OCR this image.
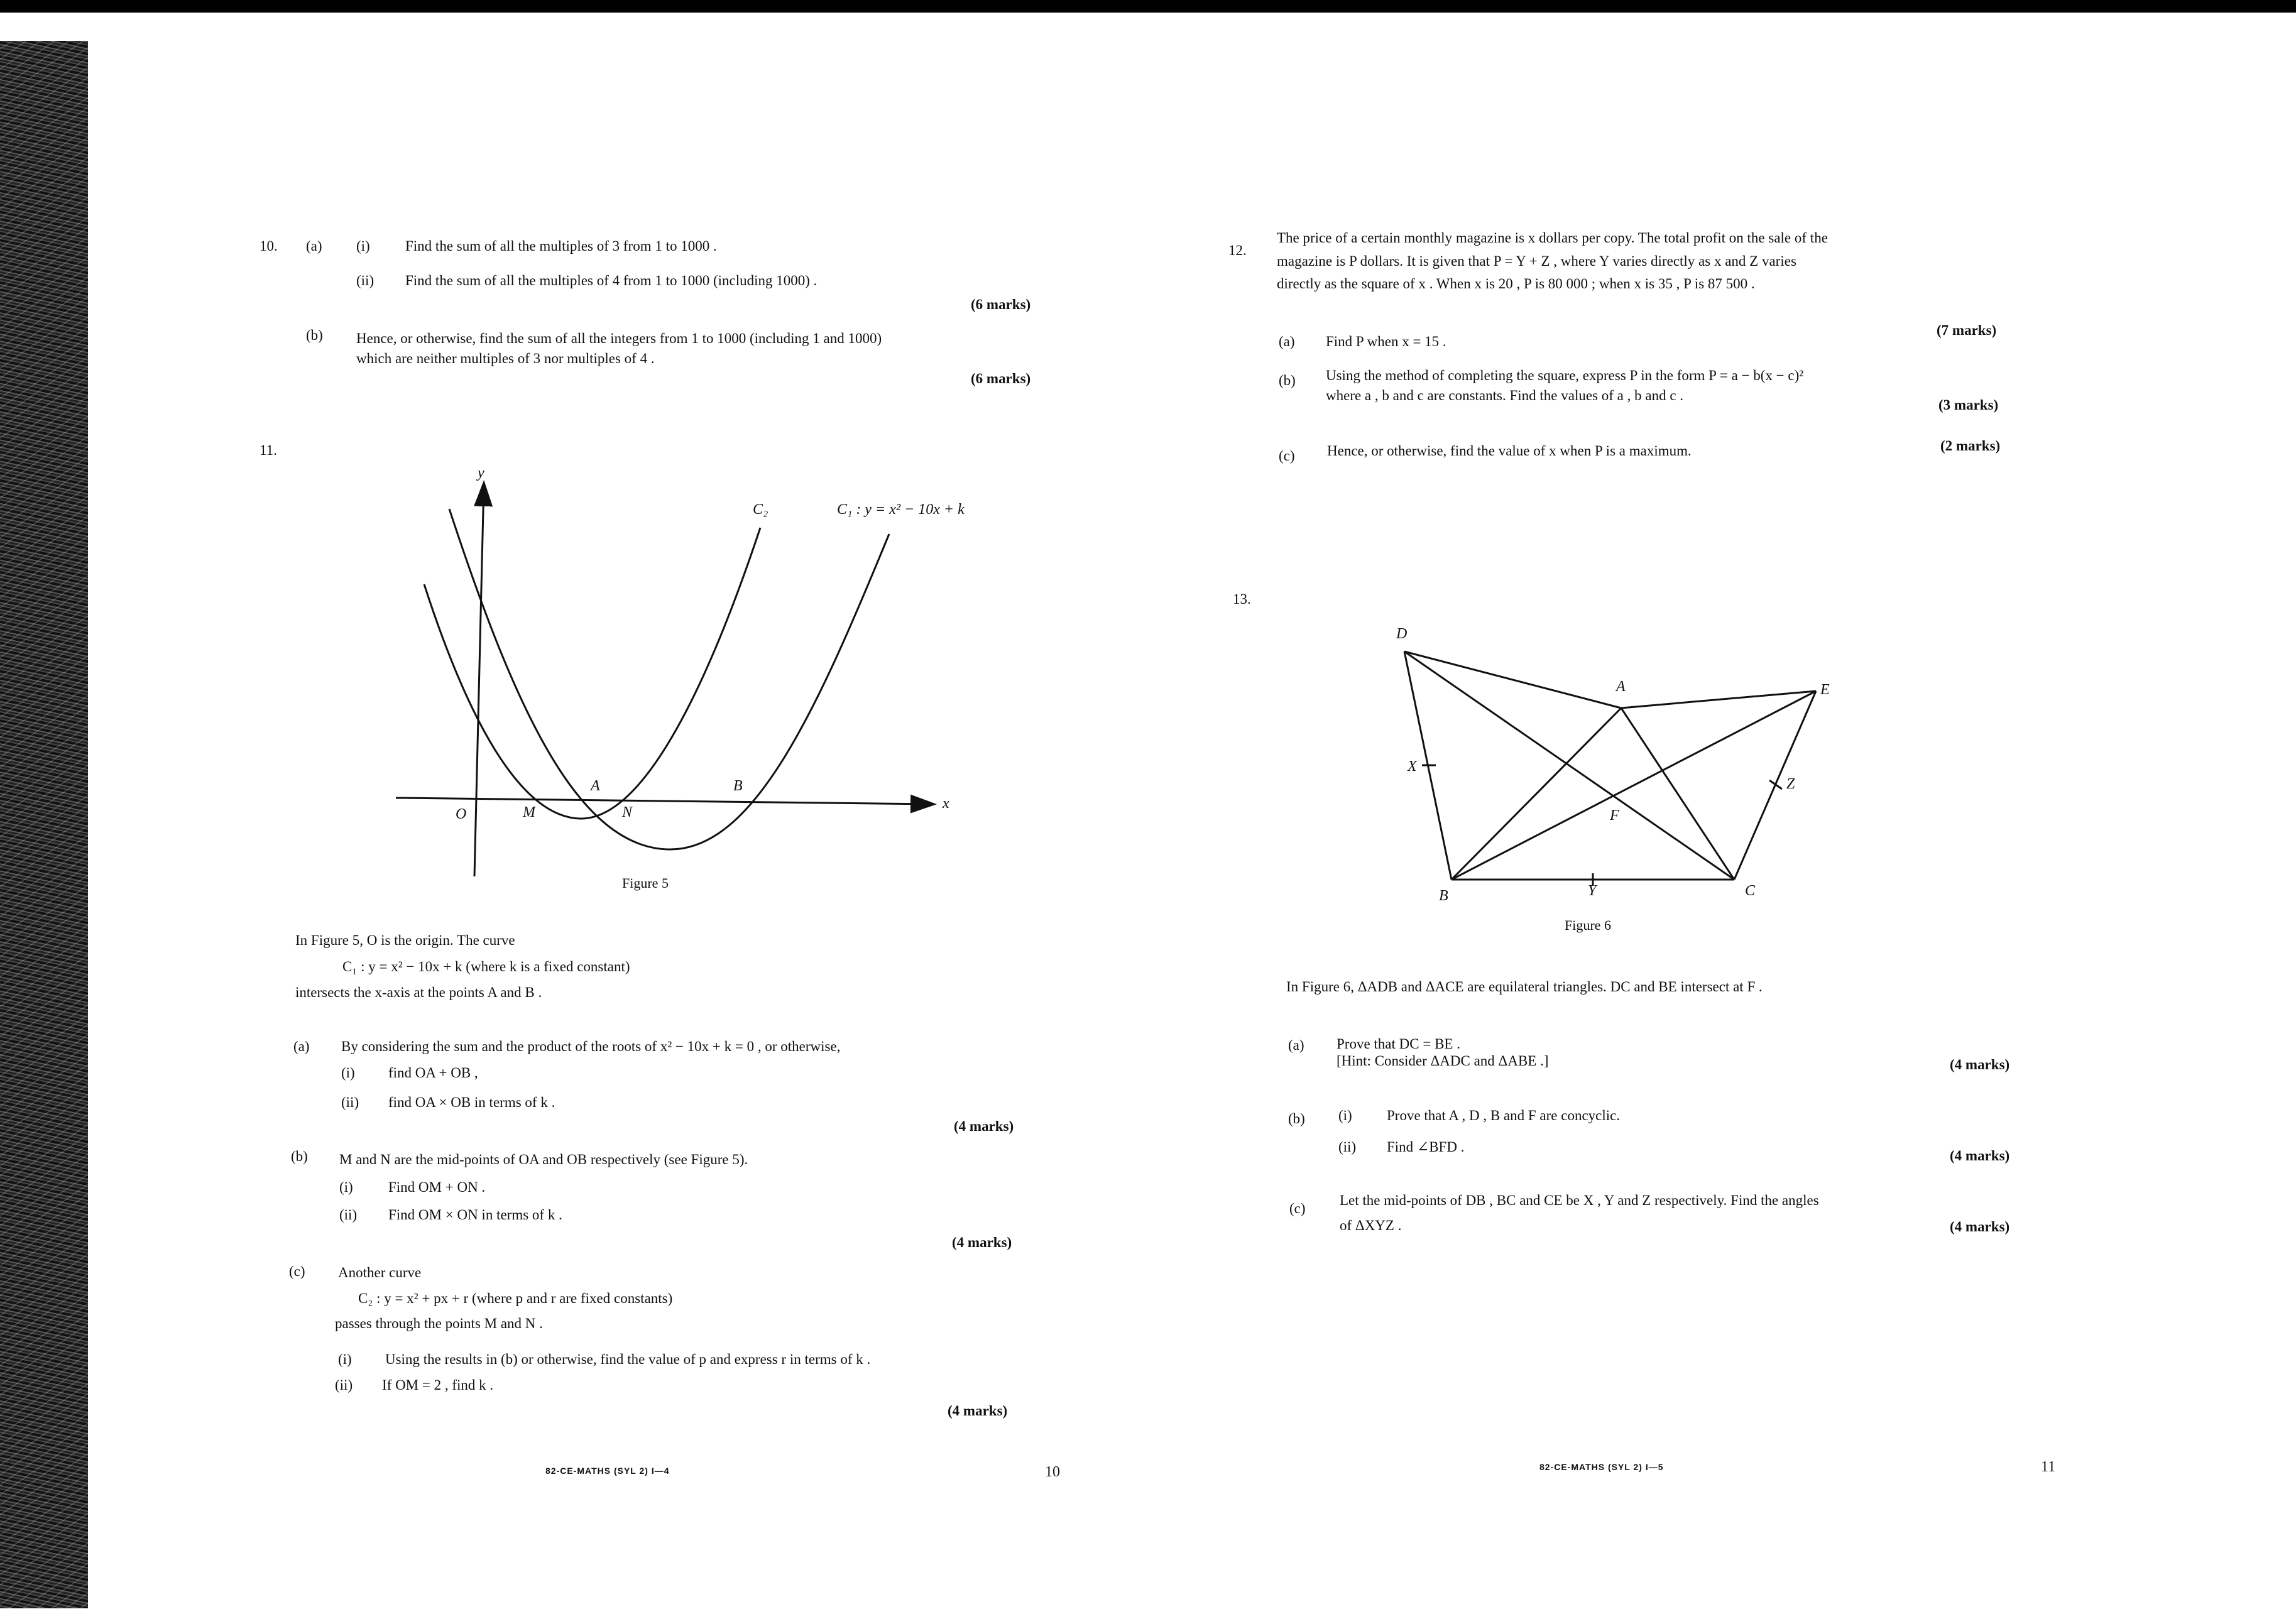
10. (a) (i) Find the sum of all the multiples of 3 from 1 to 1000 .
(ii) Find the sum of all the multiples of 4 from 1 to 1000 (including 1000) .
(6 marks)
(b) Hence, or otherwise, find the sum of all the integers from 1 to 1000 (including 1 and 1000)
which are neither multiples of 3 nor multiples of 4 .
(6 marks)
11.
y
x
O	M
A
N
B
C₂	C₁ : y = x² − 10x + k
Figure 5
In Figure 5, O is the origin. The curve
C₁ : y = x² − 10x + k (where k is a fixed constant)
intersects the x-axis at the points A and B .
(a) By considering the sum and the product of the roots of x² − 10x + k = 0 , or otherwise,
(i) find OA + OB ,
(ii) find OA × OB in terms of k .
(4 marks)
(b) M and N are the mid-points of OA and OB respectively (see Figure 5).
(i) Find OM + ON .
(ii) Find OM × ON in terms of k .
(4 marks)
(c) Another curve
C₂ : y = x² + px + r (where p and r are fixed constants)
passes through the points M and N .
(i) Using the results in (b) or otherwise, find the value of p and express r in terms of k .
(ii) If OM = 2 , find k .
(4 marks)
82-CE-MATHS (SYL 2) I—4	10
12.
The price of a certain monthly magazine is x dollars per copy. The total profit on the sale of the
magazine is P dollars. It is given that P = Y + Z , where Y varies directly as x and Z varies
directly as the square of x . When x is 20 , P is 80 000 ; when x is 35 , P is 87 500 .
(a) Find P when x = 15 .
(7 marks)
(b) Using the method of completing the square, express P in the form P = a − b(x − c)²
where a , b and c are constants. Find the values of a , b and c .
(3 marks)
(c) Hence, or otherwise, find the value of x when P is a maximum.	(2 marks)
13.
D
A	E
X
Z
F
B	Y	C
Figure 6
In Figure 6, ΔADB and ΔACE are equilateral triangles. DC and BE intersect at F .
(a) Prove that DC = BE .
[Hint: Consider ΔADC and ΔABE .]	(4 marks)
(b) (i) Prove that A , D , B and F are concyclic.
(ii) Find ∠BFD .
(4 marks)
(c)
Let the mid-points of DB , BC and CE be X , Y and Z respectively. Find the angles
of ΔXYZ .	(4 marks)
82-CE-MATHS (SYL 2) I—5	11
